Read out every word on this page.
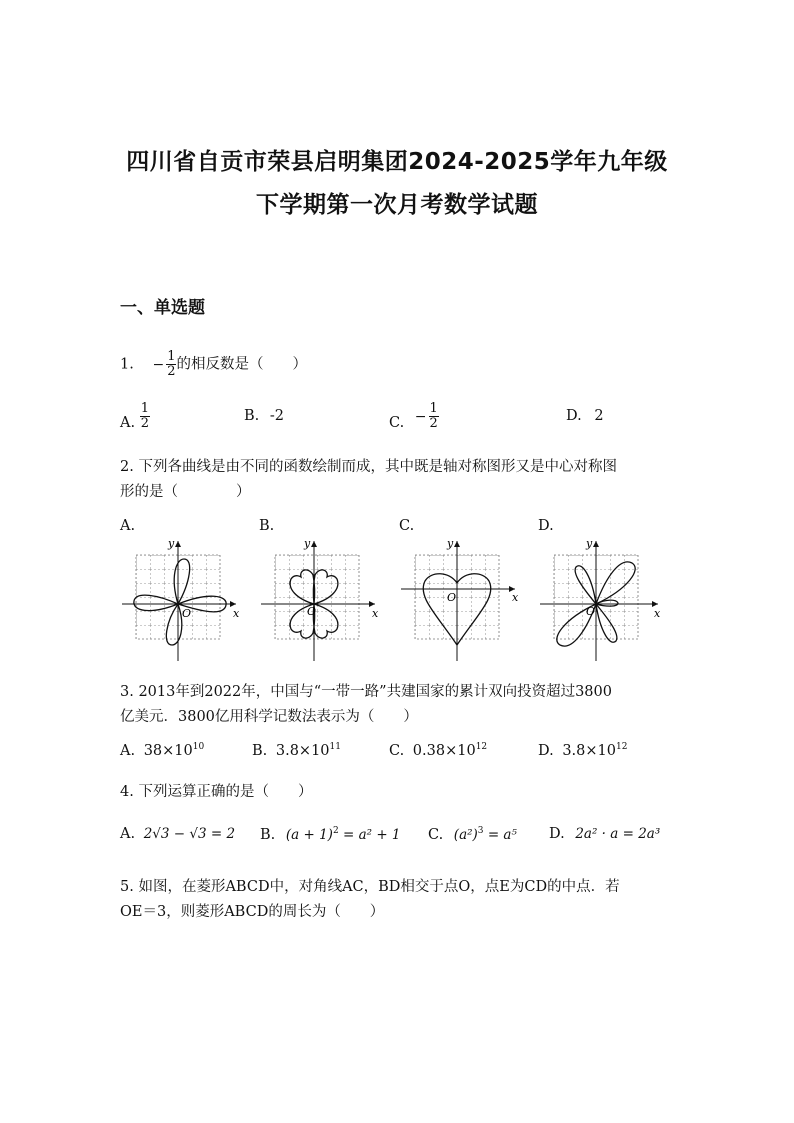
四川省自贡市荣县启明集团2024-2025学年九年级
下学期第一次月考数学试题
一、单选题
1. − $\frac{1}{2}$ 的相反数是（　　）
A. $\frac{1}{2}$	B. -2	C. − $\frac{1}{2}$	D. 2
2. 下列各曲线是由不同的函数绘制而成，其中既是轴对称图形又是中心对称图
形的是（　　　　）
A.	B.	C.	D.
O
y
x	O
y
x
O
y
x
O
y
x
3. 2013年到2022年，中国与“一带一路”共建国家的累计双向投资超过3800
亿美元．3800亿用科学记数法表示为（　　）
A. $38\times 10^{10}$	B. $3.8\times 10^{11}$	C. $0.38\times 10^{12}$	D. $3.8\times 10^{12}$
4. 下列运算正确的是（　　）
A. 2√3 − √3 = 2 B. $(a + 1)^2 = a^2 + 1$ C. $(a^2)^3 = a^5$ D. 2a² · a = 2a³
5. 如图，在菱形ABCD中，对角线AC，BD相交于点O，点E为CD的中点．若
OE＝3，则菱形ABCD的周长为（　　）
